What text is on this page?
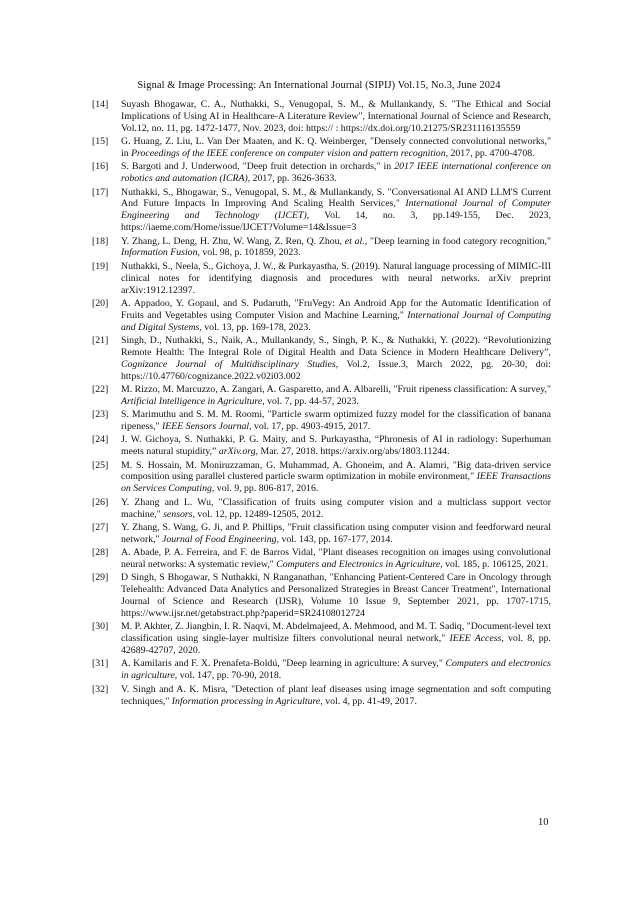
Signal & Image Processing: An International Journal (SIPIJ) Vol.15, No.3, June 2024
[14]	Suyash Bhogawar, C. A., Nuthakki, S., Venugopal, S. M., & Mullankandy, S. "The Ethical and Social Implications of Using AI in Healthcare-A Literature Review", International Journal of Science and Research, Vol.12, no. 11, pg. 1472-1477, Nov. 2023, doi: https:// : https://dx.doi.org/10.21275/SR231116135559
[15]	G. Huang, Z. Liu, L. Van Der Maaten, and K. Q. Weinberger, "Densely connected convolutional networks," in Proceedings of the IEEE conference on computer vision and pattern recognition, 2017, pp. 4700-4708.
[16]	S. Bargoti and J. Underwood, "Deep fruit detection in orchards," in 2017 IEEE international conference on robotics and automation (ICRA), 2017, pp. 3626-3633.
[17]	Nuthakki, S., Bhogawar, S., Venugopal, S. M., & Mullankandy, S. "Conversational AI AND LLM'S Current And Future Impacts In Improving And Scaling Health Services," International Journal of Computer Engineering and Technology (IJCET), Vol. 14, no. 3, pp.149-155, Dec. 2023, https://iaeme.com/Home/issue/IJCET?Volume=14&Issue=3
[18]	Y. Zhang, L. Deng, H. Zhu, W. Wang, Z. Ren, Q. Zhou, et al., "Deep learning in food category recognition," Information Fusion, vol. 98, p. 101859, 2023.
[19]	Nuthakki, S., Neela, S., Gichoya, J. W., & Purkayastha, S. (2019). Natural language processing of MIMIC-III clinical notes for identifying diagnosis and procedures with neural networks. arXiv preprint arXiv:1912.12397.
[20]	A. Appadoo, Y. Gopaul, and S. Pudaruth, "FruVegy: An Android App for the Automatic Identification of Fruits and Vegetables using Computer Vision and Machine Learning," International Journal of Computing and Digital Systems, vol. 13, pp. 169-178, 2023.
[21]	Singh, D., Nuthakki, S., Naik, A., Mullankandy, S., Singh, P. K., & Nuthakki, Y. (2022). “Revolutionizing Remote Health: The Integral Role of Digital Health and Data Science in Modern Healthcare Delivery”, Cognizance Journal of Multidisciplinary Studies, Vol.2, Issue.3, March 2022, pg. 20-30, doi: https://10.47760/cognizance.2022.v02i03.002
[22]	M. Rizzo, M. Marcuzzo, A. Zangari, A. Gasparetto, and A. Albarelli, "Fruit ripeness classification: A survey," Artificial Intelligence in Agriculture, vol. 7, pp. 44-57, 2023.
[23]	S. Marimuthu and S. M. M. Roomi, "Particle swarm optimized fuzzy model for the classification of banana ripeness," IEEE Sensors Journal, vol. 17, pp. 4903-4915, 2017.
[24]	J. W. Gichoya, S. Nuthakki, P. G. Maity, and S. Purkayastha, “Phronesis of AI in radiology: Superhuman meets natural stupidity,” arXiv.org, Mar. 27, 2018. https://arxiv.org/abs/1803.11244.
[25]	M. S. Hossain, M. Moniruzzaman, G. Muhammad, A. Ghoneim, and A. Alamri, "Big data-driven service composition using parallel clustered particle swarm optimization in mobile environment," IEEE Transactions on Services Computing, vol. 9, pp. 806-817, 2016.
[26]	Y. Zhang and L. Wu, "Classification of fruits using computer vision and a multiclass support vector machine," sensors, vol. 12, pp. 12489-12505, 2012.
[27]	Y. Zhang, S. Wang, G. Ji, and P. Phillips, "Fruit classification using computer vision and feedforward neural network," Journal of Food Engineering, vol. 143, pp. 167-177, 2014.
[28]	A. Abade, P. A. Ferreira, and F. de Barros Vidal, "Plant diseases recognition on images using convolutional neural networks: A systematic review," Computers and Electronics in Agriculture, vol. 185, p. 106125, 2021.
[29]	D Singh, S Bhogawar, S Nuthakki, N Ranganathan, "Enhancing Patient-Centered Care in Oncology through Telehealth: Advanced Data Analytics and Personalized Strategies in Breast Cancer Treatment", International Journal of Science and Research (IJSR), Volume 10 Issue 9, September 2021, pp. 1707-1715, https://www.ijsr.net/getabstract.php?paperid=SR24108012724
[30]	M. P. Akhter, Z. Jiangbin, I. R. Naqvi, M. Abdelmajeed, A. Mehmood, and M. T. Sadiq, "Document-level text classification using single-layer multisize filters convolutional neural network," IEEE Access, vol. 8, pp. 42689-42707, 2020.
[31]	A. Kamilaris and F. X. Prenafeta-Boldú, "Deep learning in agriculture: A survey," Computers and electronics in agriculture, vol. 147, pp. 70-90, 2018.
[32]	V. Singh and A. K. Misra, "Detection of plant leaf diseases using image segmentation and soft computing techniques," Information processing in Agriculture, vol. 4, pp. 41-49, 2017.
10
